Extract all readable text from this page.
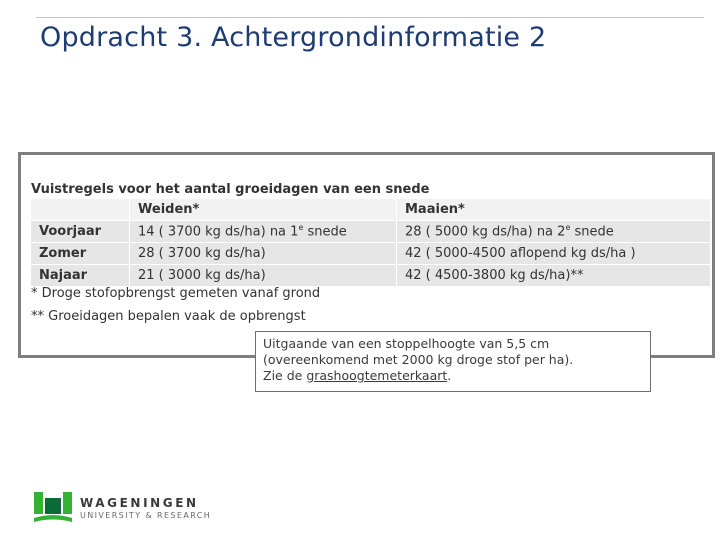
Opdracht 3. Achtergrondinformatie 2
Vuistregels voor het aantal groeidagen van een snede
	Weiden*	Maaien*
Voorjaar	14 ( 3700 kg ds/ha) na 1e snede	28 ( 5000 kg ds/ha) na 2e snede
Zomer	28 ( 3700 kg ds/ha)	42 ( 5000-4500 aflopend kg ds/ha )
Najaar	21 ( 3000 kg ds/ha)	42 ( 4500-3800 kg ds/ha)**
* Droge stofopbrengst gemeten vanaf grond
** Groeidagen bepalen vaak de opbrengst
Uitgaande van een stoppelhoogte van 5,5 cm
(overeenkomend met 2000 kg droge stof per ha).
Zie de grashoogtemeterkaart.
WAGENINGEN
UNIVERSITY & RESEARCH
